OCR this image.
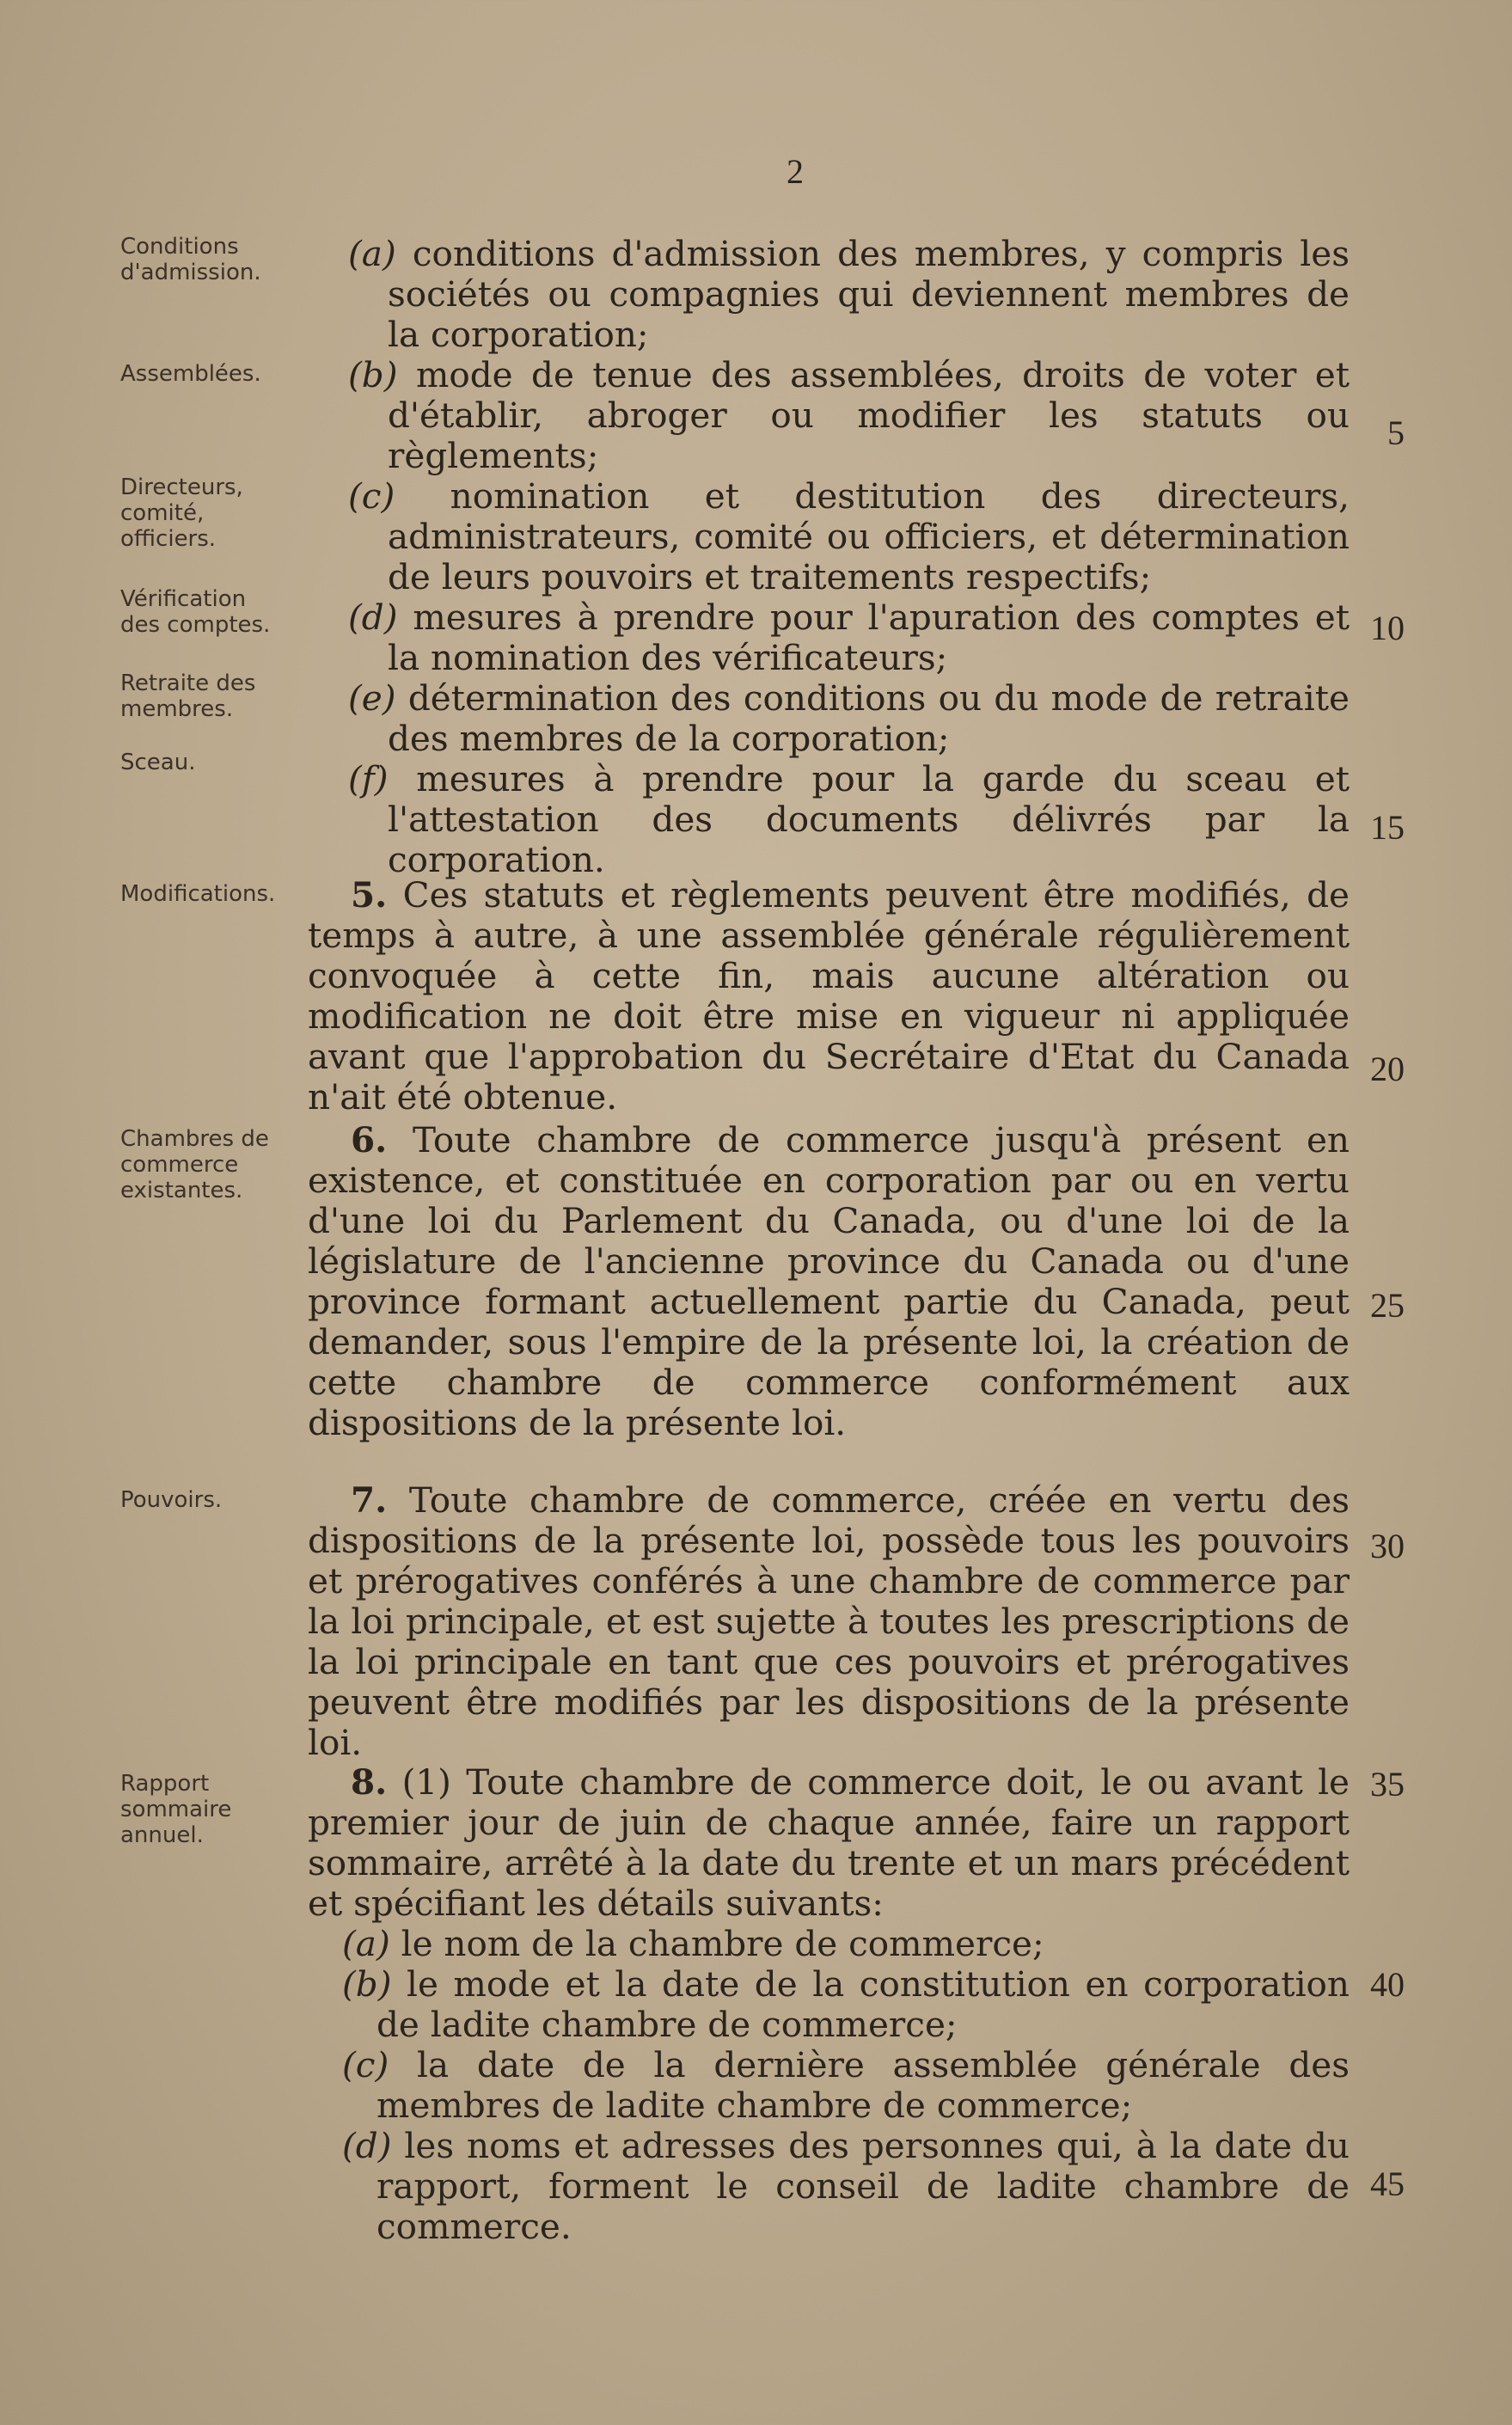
2
Conditions d'admission.
Assemblées.
Directeurs, comité, officiers.
Vérification des comptes.
Retraite des membres.
Sceau.
Modifications.
Chambres de commerce existantes.
Pouvoirs.
Rapport sommaire annuel.
5
10
15
20
25
30
35
40
45

(a) conditions d'admission des membres, y compris les sociétés ou compagnies qui deviennent membres de la corporation;

(b) mode de tenue des assemblées, droits de voter et d'établir, abroger ou modifier les statuts ou règlements;

(c) nomination et destitution des directeurs, administrateurs, comité ou officiers, et détermination de leurs pouvoirs et traitements respectifs;

(d) mesures à prendre pour l'apuration des comptes et la nomination des vérificateurs;

(e) détermination des conditions ou du mode de retraite des membres de la corporation;

(f) mesures à prendre pour la garde du sceau et l'attestation des documents délivrés par la corporation.

5. Ces statuts et règlements peuvent être modifiés, de temps à autre, à une assemblée générale régulièrement convoquée à cette fin, mais aucune altération ou modification ne doit être mise en vigueur ni appliquée avant que l'approbation du Secrétaire d'Etat du Canada n'ait été obtenue.

6. Toute chambre de commerce jusqu'à présent en existence, et constituée en corporation par ou en vertu d'une loi du Parlement du Canada, ou d'une loi de la législature de l'ancienne province du Canada ou d'une province formant actuellement partie du Canada, peut demander, sous l'empire de la présente loi, la création de cette chambre de commerce conformément aux dispositions de la présente loi.

7. Toute chambre de commerce, créée en vertu des dispositions de la présente loi, possède tous les pouvoirs et prérogatives conférés à une chambre de commerce par la loi principale, et est sujette à toutes les prescriptions de la loi principale en tant que ces pouvoirs et prérogatives peuvent être modifiés par les dispositions de la présente loi.

8. (1) Toute chambre de commerce doit, le ou avant le premier jour de juin de chaque année, faire un rapport sommaire, arrêté à la date du trente et un mars précédent et spécifiant les détails suivants:

(a) le nom de la chambre de commerce;

(b) le mode et la date de la constitution en corporation de ladite chambre de commerce;

(c) la date de la dernière assemblée générale des membres de ladite chambre de commerce;

(d) les noms et adresses des personnes qui, à la date du rapport, forment le conseil de ladite chambre de commerce.
